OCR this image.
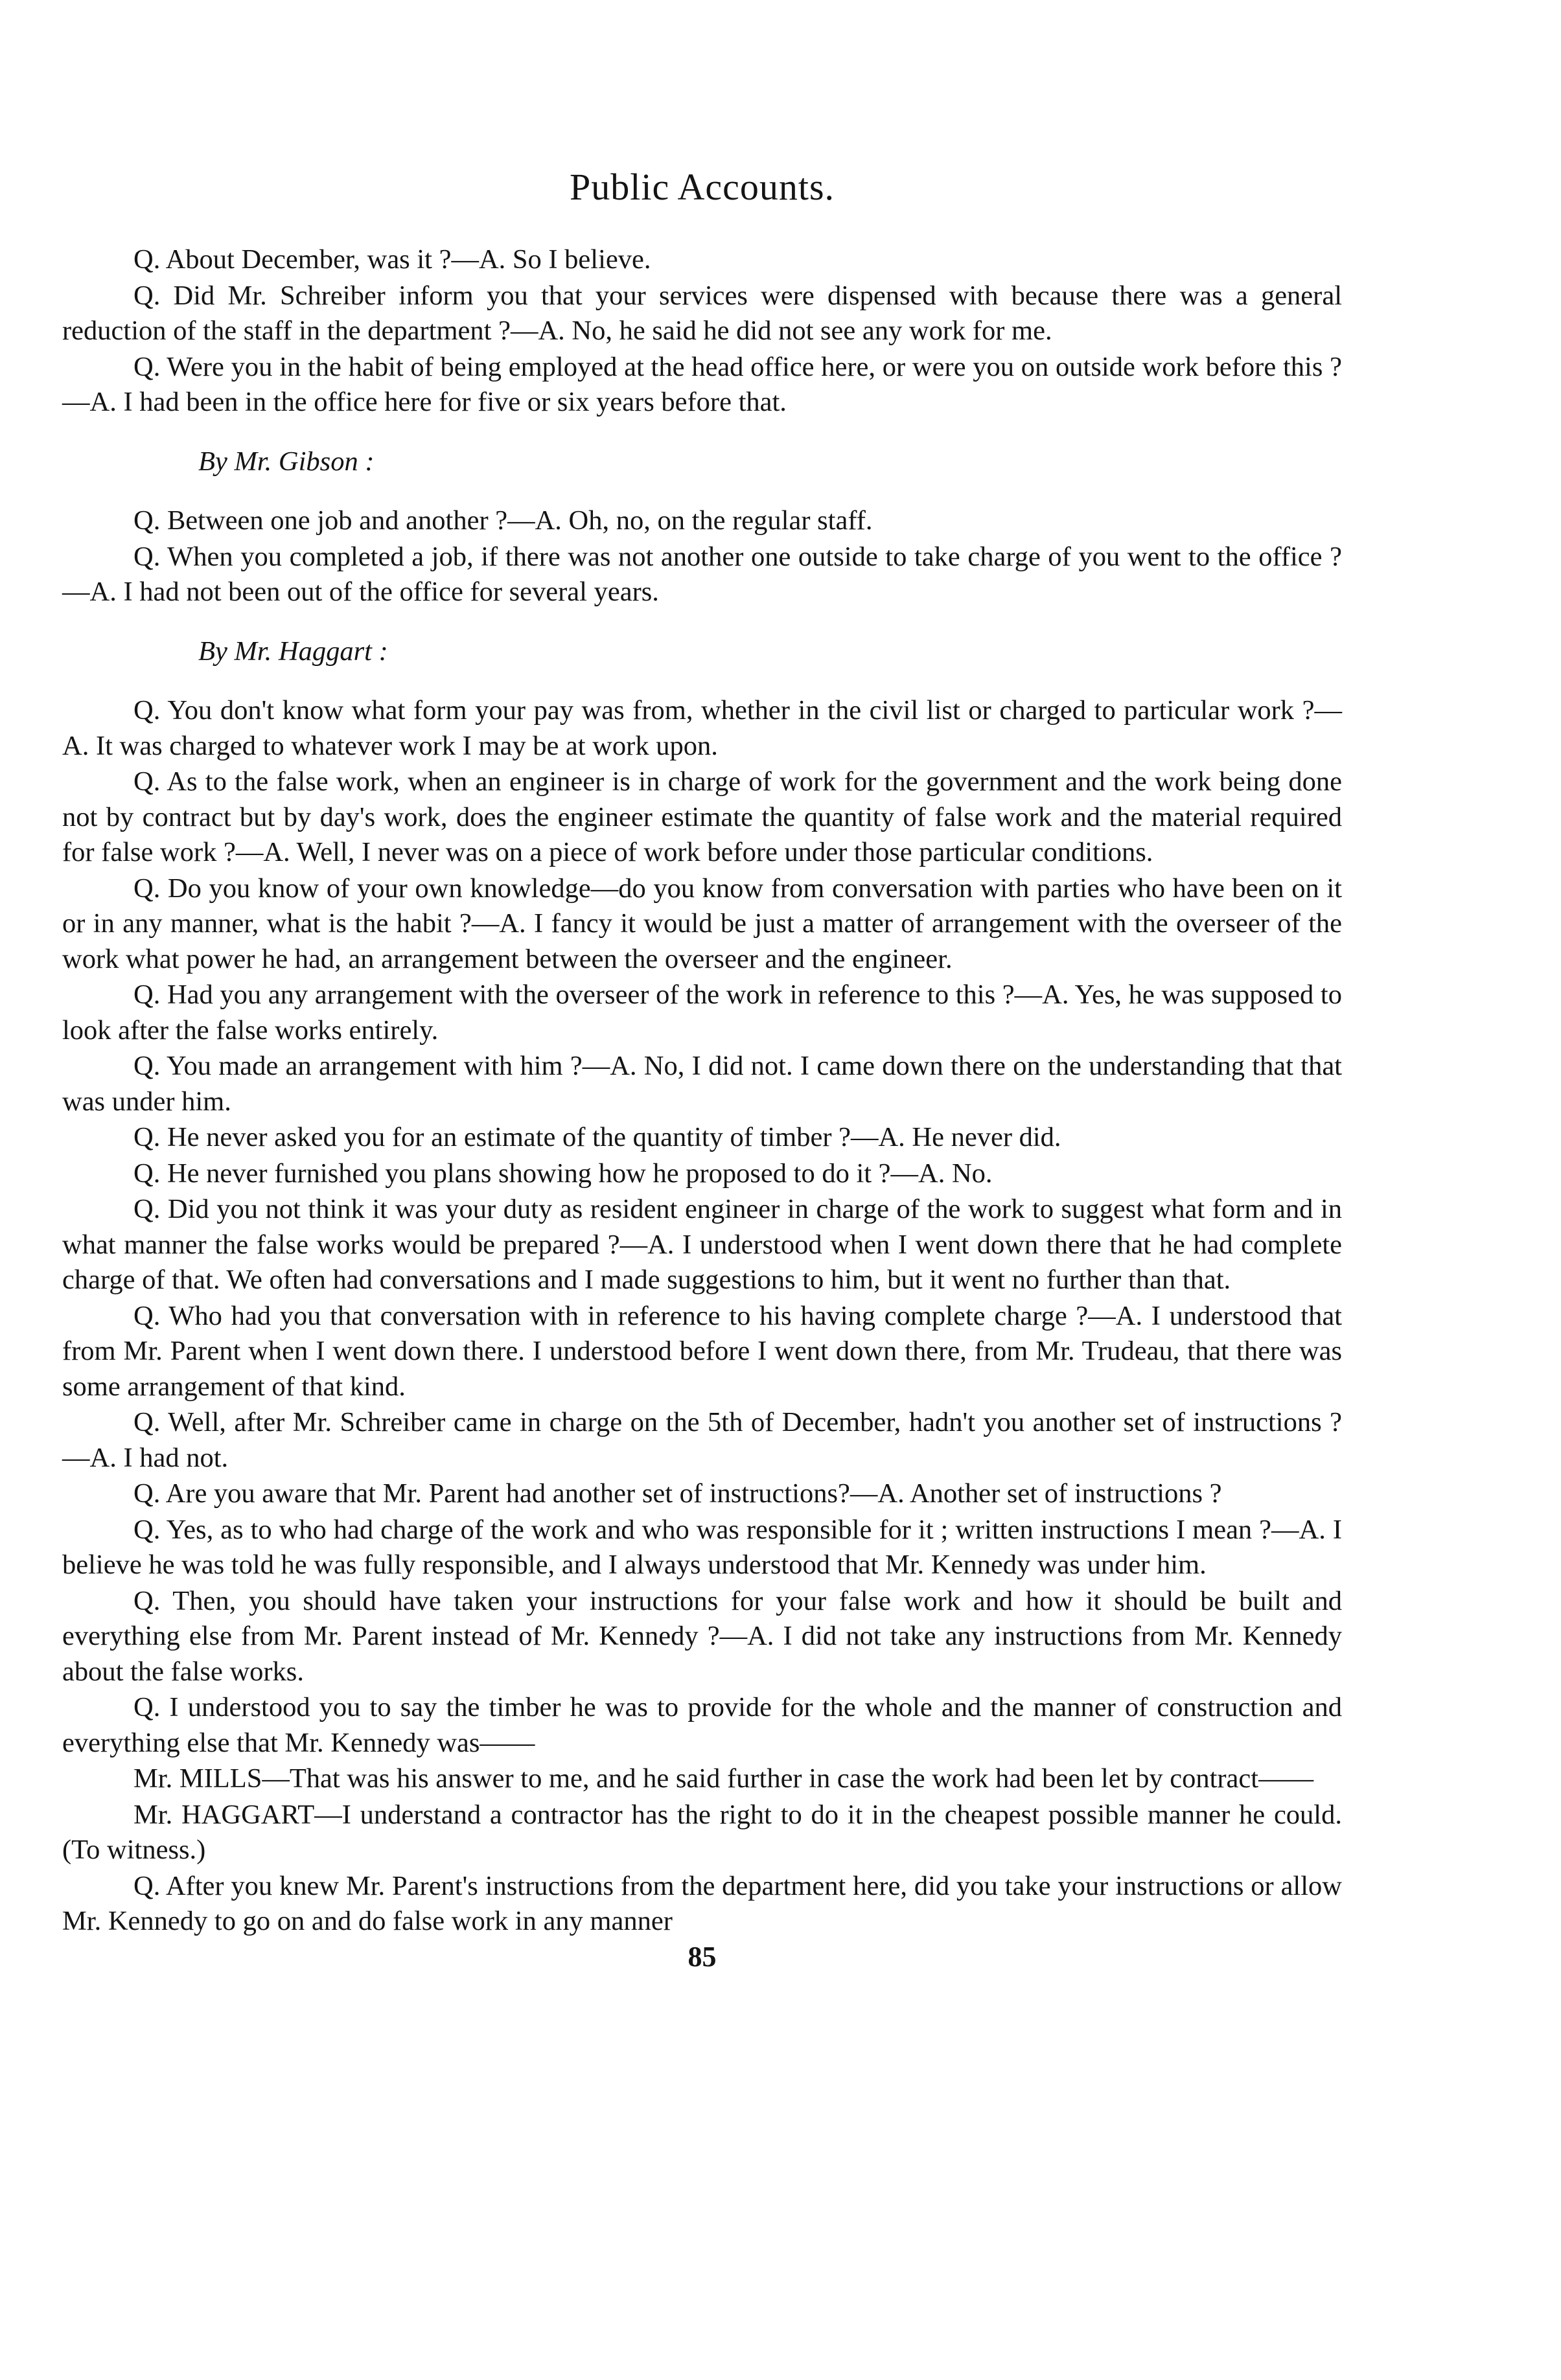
Public Accounts.

Q. About December, was it ?—A. So I believe.

Q. Did Mr. Schreiber inform you that your services were dispensed with because there was a general reduction of the staff in the department ?—A. No, he said he did not see any work for me.

Q. Were you in the habit of being employed at the head office here, or were you on outside work before this ?—A. I had been in the office here for five or six years before that.

By Mr. Gibson :

Q. Between one job and another ?—A. Oh, no, on the regular staff.

Q. When you completed a job, if there was not another one outside to take charge of you went to the office ?—A. I had not been out of the office for several years.

By Mr. Haggart :

Q. You don't know what form your pay was from, whether in the civil list or charged to particular work ?—A. It was charged to whatever work I may be at work upon.

Q. As to the false work, when an engineer is in charge of work for the government and the work being done not by contract but by day's work, does the engineer estimate the quantity of false work and the material required for false work ?—A. Well, I never was on a piece of work before under those particular conditions.

Q. Do you know of your own knowledge—do you know from conversation with parties who have been on it or in any manner, what is the habit ?—A. I fancy it would be just a matter of arrangement with the overseer of the work what power he had, an arrangement between the overseer and the engineer.

Q. Had you any arrangement with the overseer of the work in reference to this ?—A. Yes, he was supposed to look after the false works entirely.

Q. You made an arrangement with him ?—A. No, I did not. I came down there on the understanding that that was under him.

Q. He never asked you for an estimate of the quantity of timber ?—A. He never did.

Q. He never furnished you plans showing how he proposed to do it ?—A. No.

Q. Did you not think it was your duty as resident engineer in charge of the work to suggest what form and in what manner the false works would be prepared ?—A. I understood when I went down there that he had complete charge of that. We often had conversations and I made suggestions to him, but it went no further than that.

Q. Who had you that conversation with in reference to his having complete charge ?—A. I understood that from Mr. Parent when I went down there. I understood before I went down there, from Mr. Trudeau, that there was some arrangement of that kind.

Q. Well, after Mr. Schreiber came in charge on the 5th of December, hadn't you another set of instructions ?—A. I had not.

Q. Are you aware that Mr. Parent had another set of instructions?—A. Another set of instructions ?

Q. Yes, as to who had charge of the work and who was responsible for it ; written instructions I mean ?—A. I believe he was told he was fully responsible, and I always understood that Mr. Kennedy was under him.

Q. Then, you should have taken your instructions for your false work and how it should be built and everything else from Mr. Parent instead of Mr. Kennedy ?—A. I did not take any instructions from Mr. Kennedy about the false works.

Q. I understood you to say the timber he was to provide for the whole and the manner of construction and everything else that Mr. Kennedy was——

Mr. MILLS—That was his answer to me, and he said further in case the work had been let by contract——

Mr. HAGGART—I understand a contractor has the right to do it in the cheapest possible manner he could. (To witness.)

Q. After you knew Mr. Parent's instructions from the department here, did you take your instructions or allow Mr. Kennedy to go on and do false work in any manner

85
